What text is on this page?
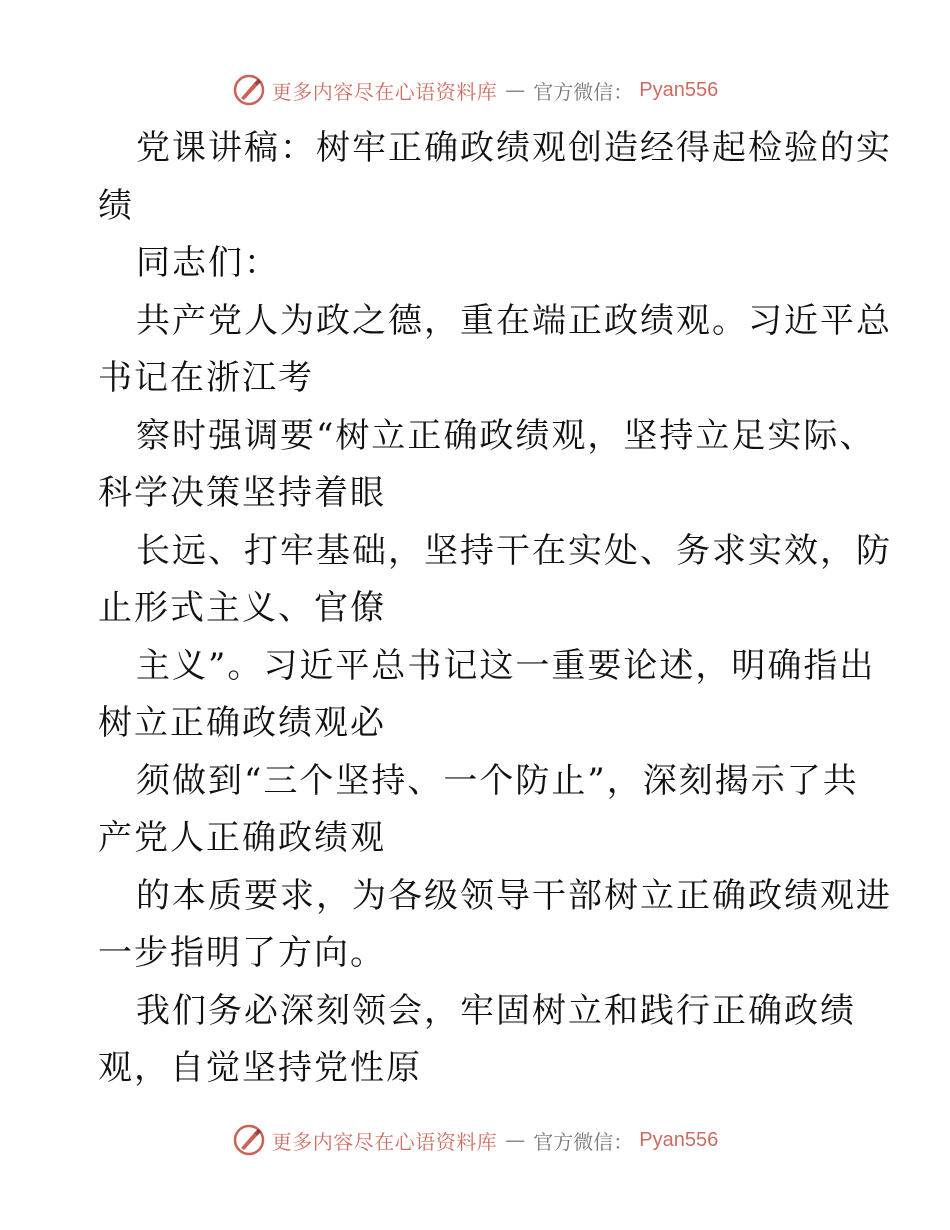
更多内容尽在心语资料库 — 官方微信： Pyan556
党课讲稿：树牢正确政绩观创造经得起检验的实
绩
同志们：
共产党人为政之德，重在端正政绩观。习近平总
书记在浙江考
察时强调要“树立正确政绩观，坚持立足实际、
科学决策坚持着眼
长远、打牢基础，坚持干在实处、务求实效，防
止形式主义、官僚
主义”。习近平总书记这一重要论述，明确指出
树立正确政绩观必
须做到“三个坚持、一个防止”，深刻揭示了共
产党人正确政绩观
的本质要求，为各级领导干部树立正确政绩观进
一步指明了方向。
我们务必深刻领会，牢固树立和践行正确政绩
观，自觉坚持党性原
更多内容尽在心语资料库 — 官方微信： Pyan556
